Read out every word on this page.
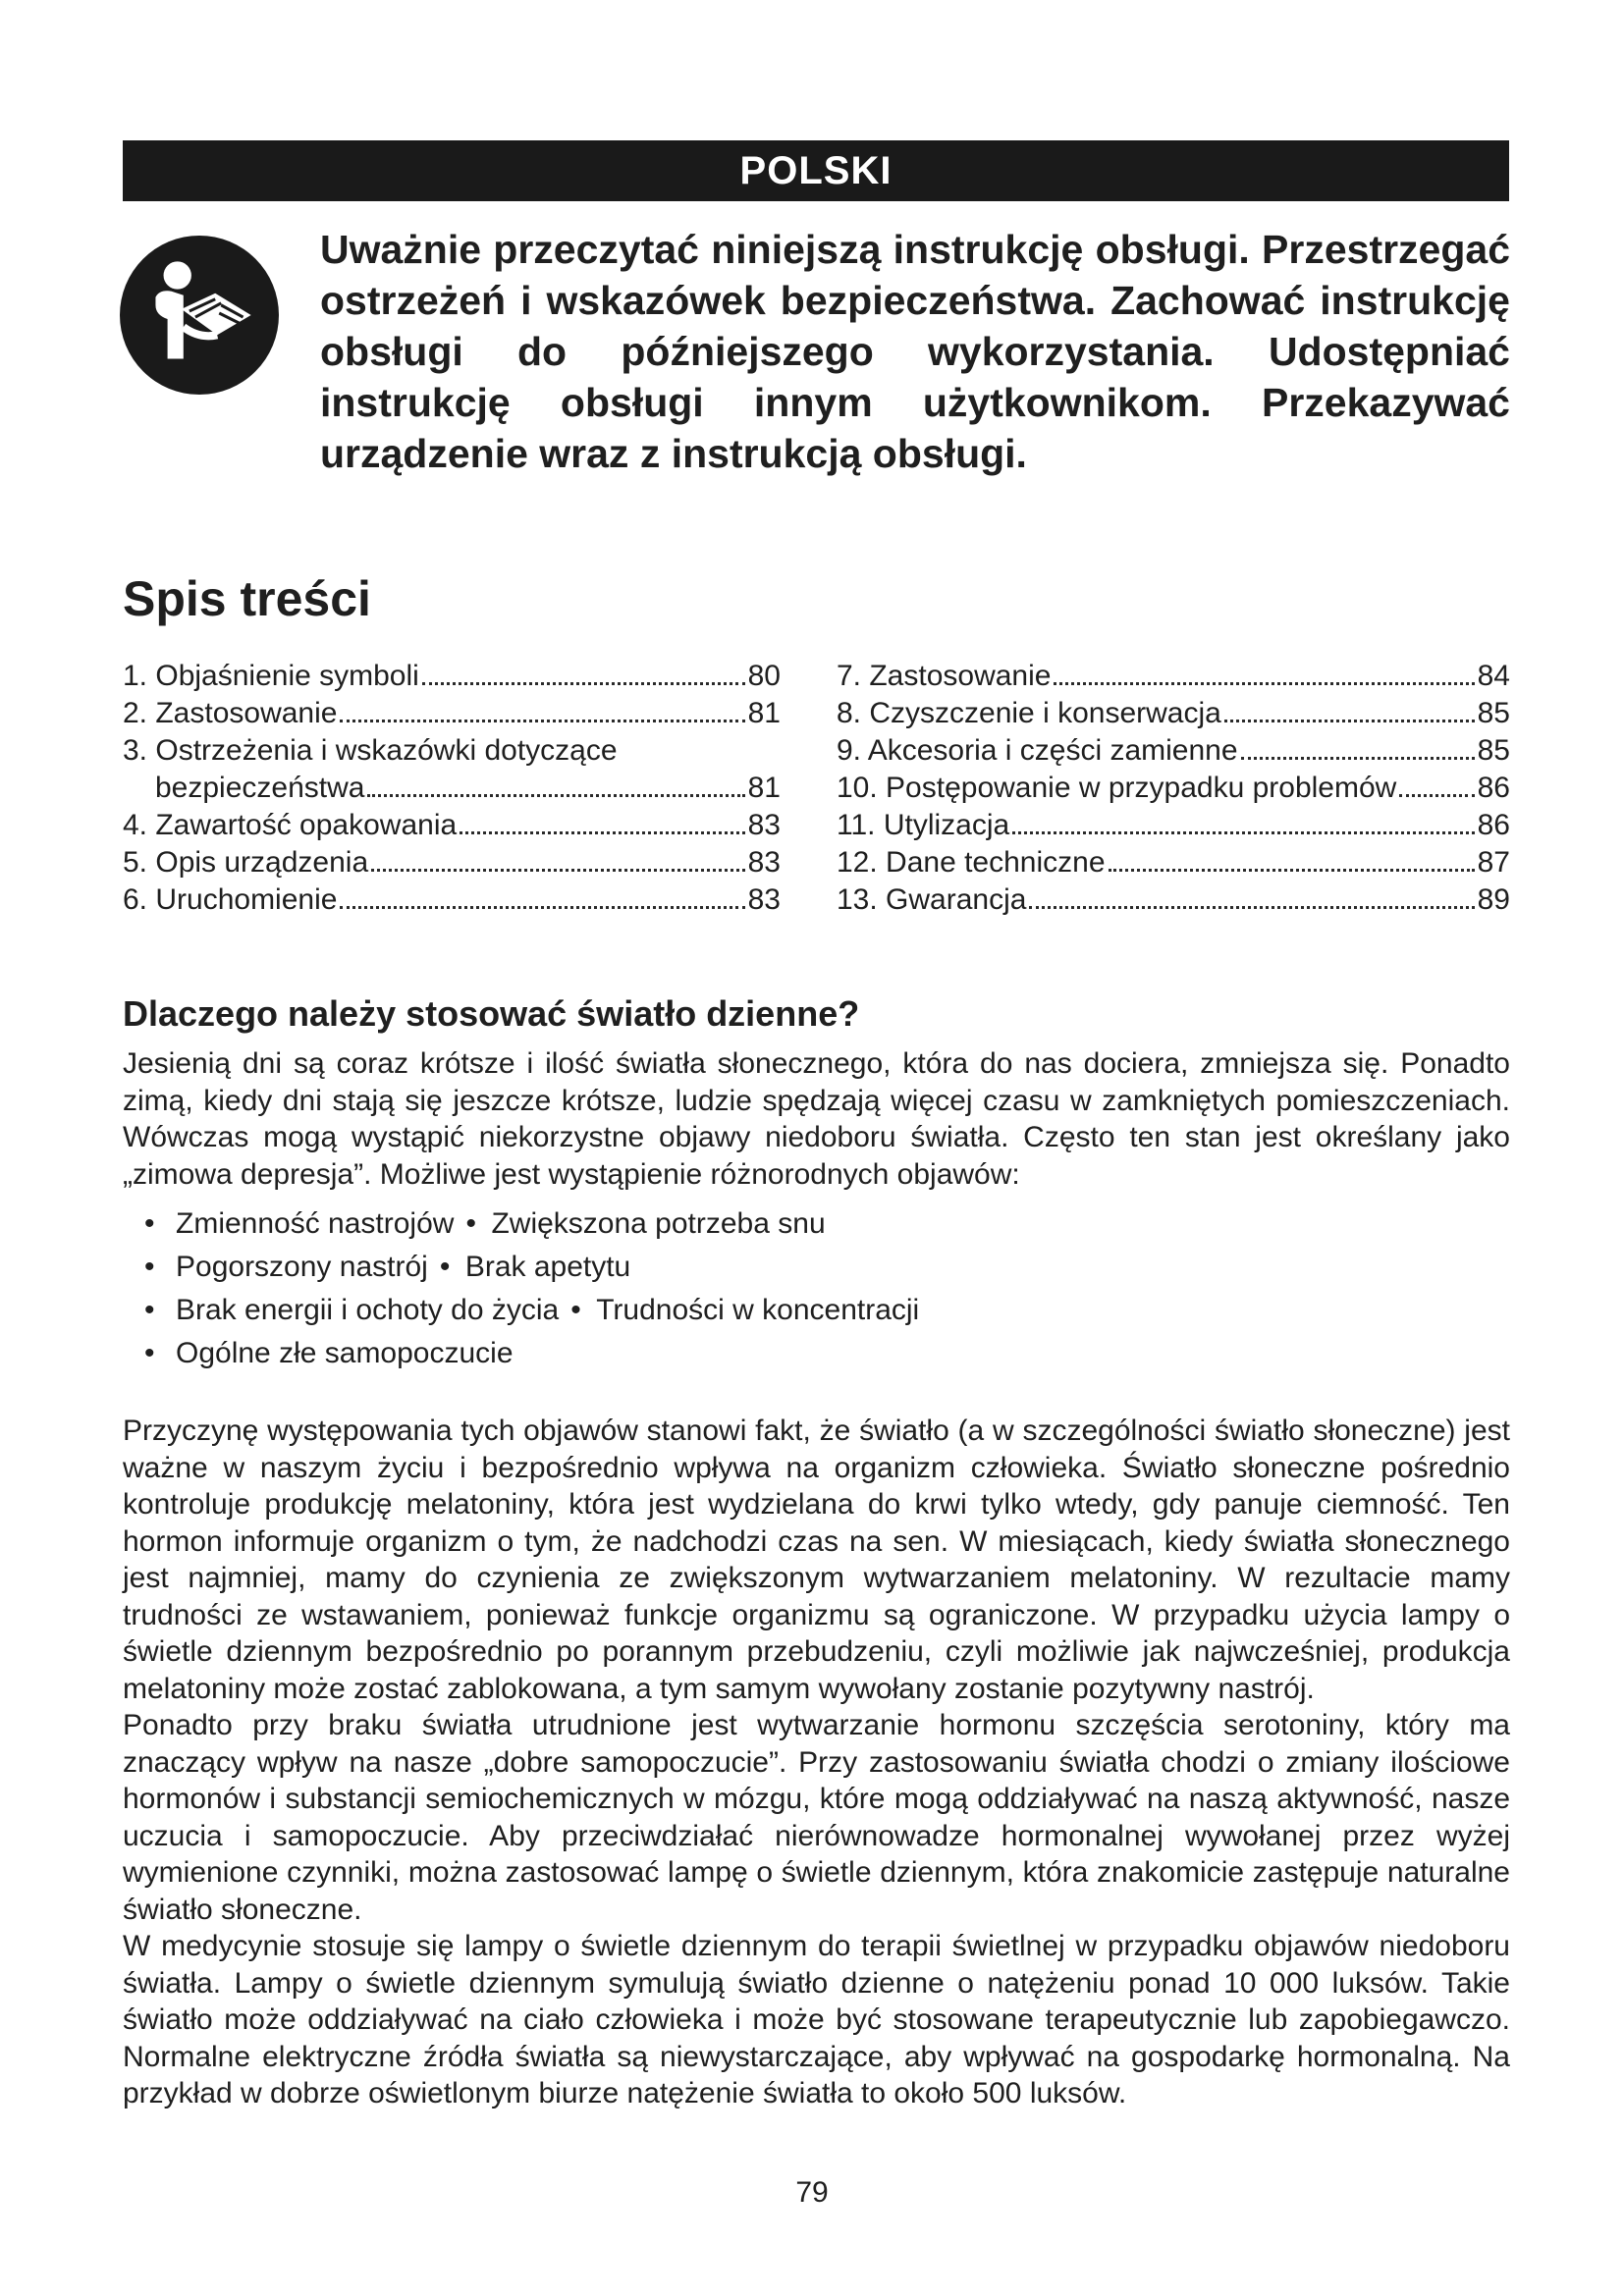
POLSKI

Uważnie przeczytać niniejszą instrukcję obsługi. Przestrzegać ostrzeżeń i wskazówek bezpieczeństwa. Zachować instrukcję obsługi do późniejszego wykorzystania. Udostępniać instrukcję obsługi innym użytkownikom. Przekazywać urządzenie wraz z instrukcją obsługi.

Spis treści
1. Objaśnienie symboli	80
2. Zastosowanie	81
3. Ostrzeżenia i wskazówki dotyczące
bezpieczeństwa	81
4. Zawartość opakowania	83
5. Opis urządzenia	83
6. Uruchomienie	83
7. Zastosowanie	84
8. Czyszczenie i konserwacja	85
9. Akcesoria i części zamienne	85
10. Postępowanie w przypadku problemów	86
11. Utylizacja	86
12. Dane techniczne	87
13. Gwarancja	89
Dlaczego należy stosować światło dzienne?

Jesienią dni są coraz krótsze i ilość światła słonecznego, która do nas dociera, zmniejsza się. Ponadto zimą, kiedy dni stają się jeszcze krótsze, ludzie spędzają więcej czasu w zamkniętych pomieszczeniach. Wówczas mogą wystąpić niekorzystne objawy niedoboru światła. Często ten stan jest określany jako „zimowa depresja”. Możliwe jest wystąpienie różnorodnych objawów:

• Zmienność nastrojów • Zwiększona potrzeba snu
• Pogorszony nastrój • Brak apetytu
• Brak energii i ochoty do życia • Trudności w koncentracji
• Ogólne złe samopoczucie

Przyczynę występowania tych objawów stanowi fakt, że światło (a w szczególności światło słoneczne) jest ważne w naszym życiu i bezpośrednio wpływa na organizm człowieka. Światło słoneczne pośrednio kontroluje produkcję melatoniny, która jest wydzielana do krwi tylko wtedy, gdy panuje ciemność. Ten hormon informuje organizm o tym, że nadchodzi czas na sen. W miesiącach, kiedy światła słonecznego jest najmniej, mamy do czynienia ze zwiększonym wytwarzaniem melatoniny. W rezultacie mamy trudności ze wstawaniem, ponieważ funkcje organizmu są ograniczone. W przypadku użycia lampy o świetle dziennym bezpośrednio po porannym przebudzeniu, czyli możliwie jak najwcześniej, produkcja melatoniny może zostać zablokowana, a tym samym wywołany zostanie pozytywny nastrój.

Ponadto przy braku światła utrudnione jest wytwarzanie hormonu szczęścia serotoniny, który ma znaczący wpływ na nasze „dobre samopoczucie”. Przy zastosowaniu światła chodzi o zmiany ilościowe hormonów i substancji semiochemicznych w mózgu, które mogą oddziaływać na naszą aktywność, nasze uczucia i samopoczucie. Aby przeciwdziałać nierównowadze hormonalnej wywołanej przez wyżej wymienione czynniki, można zastosować lampę o świetle dziennym, która znakomicie zastępuje naturalne światło słoneczne.

W medycynie stosuje się lampy o świetle dziennym do terapii świetlnej w przypadku objawów niedoboru światła. Lampy o świetle dziennym symulują światło dzienne o natężeniu ponad 10 000 luksów. Takie światło może oddziaływać na ciało człowieka i może być stosowane terapeutycznie lub zapobiegawczo. Normalne elektryczne źródła światła są niewystarczające, aby wpływać na gospodarkę hormonalną. Na przykład w dobrze oświetlonym biurze natężenie światła to około 500 luksów.

79
